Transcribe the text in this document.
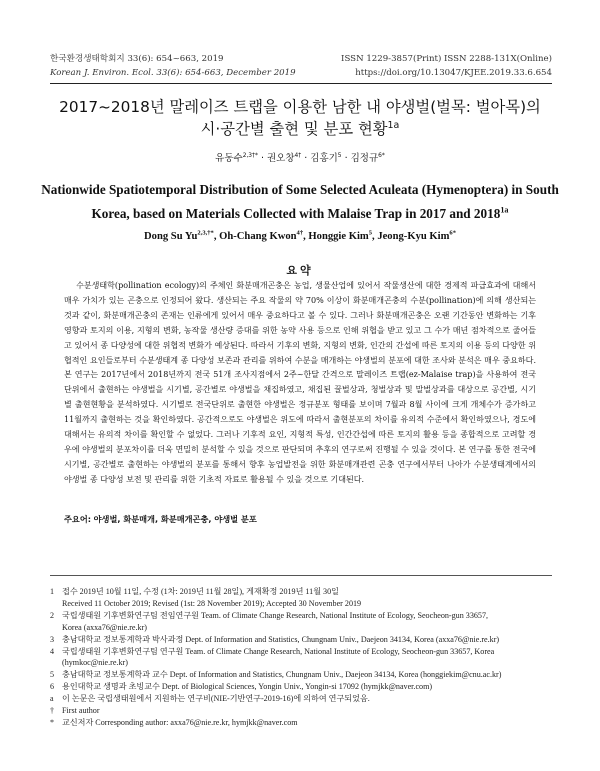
한국환경생태학회지 33(6): 654~663, 2019
Korean J. Environ. Ecol. 33(6): 654-663, December 2019
ISSN 1229-3857(Print) ISSN 2288-131X(Online)
https://doi.org/10.13047/KJEE.2019.33.6.654
2017~2018년 말레이즈 트랩을 이용한 남한 내 야생벌(벌목: 벌아목)의
시·공간별 출현 및 분포 현황$^{1a}$
유동수$^{2,3\dagger*}$ · 권오창$^{4\dagger}$ · 김홍기$^5$ · 김정규$^{6*}$
Nationwide Spatiotemporal Distribution of Some Selected Aculeata (Hymenoptera) in South
Korea, based on Materials Collected with Malaise Trap in 2017 and $2018^{1a}$
Dong Su $Yu^{2,3,\dagger*}$, Oh-Chang Kwon$^{4\dagger}$, Honggie Kim$^5$, Jeong-Kyu Kim$^{6*}$
요약
수분생태학(pollination ecology)의 주체인 화분매개곤충은 농업, 생물산업에 있어서 작물생산에 대한 경제적 파급효과에 대해서 매우 가치가 있는 곤충으로 인정되어 왔다. 생산되는 주요 작물의 약 70% 이상이 화분매개곤충의 수분(pollination)에 의해 생산되는 것과 같이, 화분매개곤충의 존재는 인류에게 있어서 매우 중요하다고 볼 수 있다. 그러나 화분매개곤충은 오랜 기간동안 변화하는 기후영향과 토지의 이용, 지형의 변화, 농작물 생산량 증대를 위한 농약 사용 등으로 인해 위협을 받고 있고 그 수가 매년 점차적으로 줄어들고 있어서 종 다양성에 대한 위협적 변화가 예상된다. 따라서 기후의 변화, 지형의 변화, 인간의 간섭에 따른 토지의 이용 등의 다양한 위협적인 요인들로부터 수분생태계 종 다양성 보존과 관리를 위하여 수분을 매개하는 야생벌의 분포에 대한 조사와 분석은 매우 중요하다. 본 연구는 2017년에서 2018년까지 전국 51개 조사지점에서 2주~한달 간격으로 말레이즈 트랩(ez-Malaise trap)을 사용하여 전국단위에서 출현하는 야생벌을 시기별, 공간별로 야생벌을 채집하였고, 채집된 꿀벌상과, 청벌상과 및 말벌상과를 대상으로 공간별, 시기별 출현현황을 분석하였다. 시기별로 전국단위로 출현한 야생벌은 정규분포 형태를 보이며 7월과 8월 사이에 크게 개체수가 증가하고 11월까지 출현하는 것을 확인하였다. 공간적으로도 야생벌은 위도에 따라서 출현분포의 차이를 유의적 수준에서 확인하였으나, 경도에 대해서는 유의적 차이를 확인할 수 없었다. 그러나 기후적 요인, 지형적 특성, 인간간섭에 따른 토지의 활용 등을 종합적으로 고려할 경우에 야생벌의 분포차이를 더욱 면밀히 분석할 수 있을 것으로 판단되며 추후의 연구로써 진행될 수 있을 것이다. 본 연구를 통한 전국에 시기별, 공간별로 출현하는 야생벌의 분포를 통해서 향후 농업발전을 위한 화분매개관련 곤충 연구에서부터 나아가 수분생태계에서의 야생벌 종 다양성 보전 및 관리를 위한 기초적 자료로 활용될 수 있을 것으로 기대된다.
주요어: 야생벌, 화분매개, 화분매개곤충, 야생벌 분포
1 접수 2019년 10월 11일, 수정 (1차: 2019년 11월 28일), 게재확정 2019년 11월 30일
Received 11 October 2019; Revised (1st: 28 November 2019); Accepted 30 November 2019
2 국립생태원 기후변화연구팀 전임연구원 Team. of Climate Change Research, National Institute of Ecology, Seocheon-gun 33657,
Korea (axxa76@nie.re.kr)
3 충남대학교 정보통계학과 박사과정 Dept. of Information and Statistics, Chungnam Univ., Daejeon 34134, Korea (axxa76@nie.re.kr)
4 국립생태원 기후변화연구팀 연구원 Team. of Climate Change Research, National Institute of Ecology, Seocheon-gun 33657, Korea
(hymkoc@nie.re.kr)
5 충남대학교 정보통계학과 교수 Dept. of Information and Statistics, Chungnam Univ., Daejeon 34134, Korea (honggiekim@cnu.ac.kr)
6 용인대학교 생명과 초빙교수 Dept. of Biological Sciences, Yongin Univ., Yongin-si 17092 (hymjkk@naver.com)
a	이 논문은 국립생태원에서 지원하는 연구비(NIE-기반연구-2019-16)에 의하여 연구되었음.
† First author
* 교신저자 Corresponding author: axxa76@nie.re.kr, hymjkk@naver.com
